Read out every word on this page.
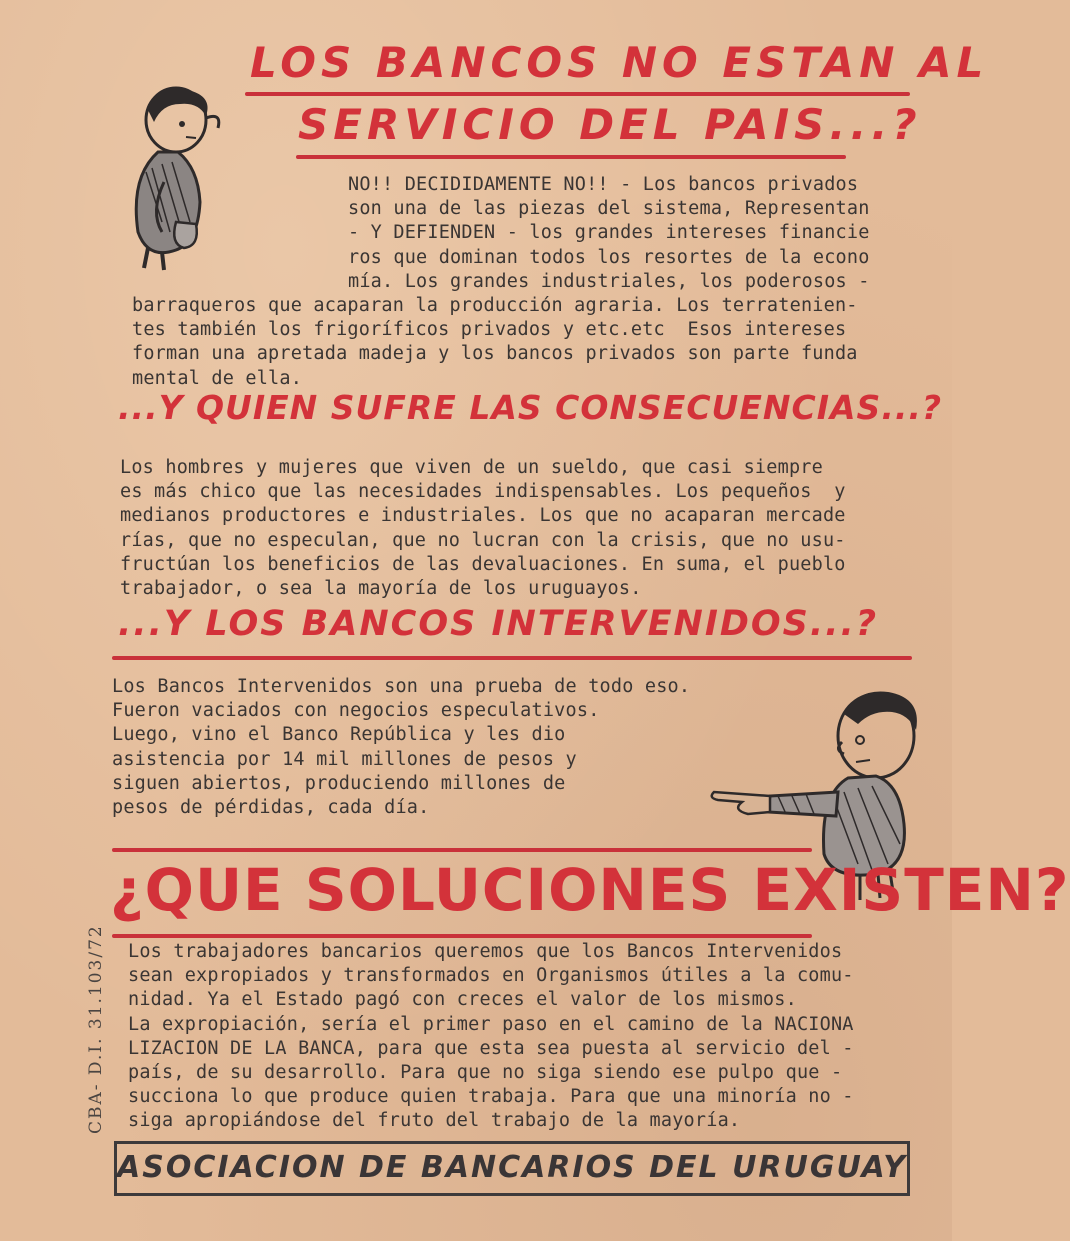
LOS BANCOS NO ESTAN AL
SERVICIO DEL PAIS...?
NO!! DECIDIDAMENTE NO!! - Los bancos privados
son una de las piezas del sistema, Representan
- Y DEFIENDEN - los grandes intereses financie
ros que dominan todos los resortes de la econo
mía. Los grandes industriales, los poderosos -
barraqueros que acaparan la producción agraria. Los terratenien-
tes también los frigoríficos privados y etc.etc  Esos intereses
forman una apretada madeja y los bancos privados son parte funda
mental de ella.
...Y QUIEN SUFRE LAS CONSECUENCIAS...?
Los hombres y mujeres que viven de un sueldo, que casi siempre
es más chico que las necesidades indispensables. Los pequeños  y
medianos productores e industriales. Los que no acaparan mercade
rías, que no especulan, que no lucran con la crisis, que no usu-
fructúan los beneficios de las devaluaciones. En suma, el pueblo
trabajador, o sea la mayoría de los uruguayos.
...Y LOS BANCOS INTERVENIDOS...?
Los Bancos Intervenidos son una prueba de todo eso.
Fueron vaciados con negocios especulativos.
Luego, vino el Banco República y les dio
asistencia por 14 mil millones de pesos y
siguen abiertos, produciendo millones de
pesos de pérdidas, cada día.
¿QUE SOLUCIONES EXISTEN?
Los trabajadores bancarios queremos que los Bancos Intervenidos
sean expropiados y transformados en Organismos útiles a la comu-
nidad. Ya el Estado pagó con creces el valor de los mismos.
La expropiación, sería el primer paso en el camino de la NACIONA
LIZACION DE LA BANCA, para que esta sea puesta al servicio del -
país, de su desarrollo. Para que no siga siendo ese pulpo que -
succiona lo que produce quien trabaja. Para que una minoría no -
siga apropiándose del fruto del trabajo de la mayoría.
CBA- D.I. 31.103/72
ASOCIACION DE BANCARIOS DEL URUGUAY
